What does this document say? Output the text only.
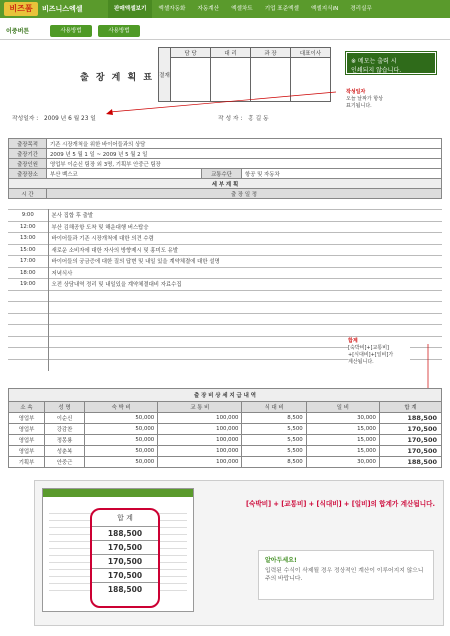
비즈폼	비즈니스엑셀	판매엑셀보기	엑셀자동화	자동계산	엑셀차트	기업 표준엑셀	엑셀지식iN	경리실무
이중버튼	사용방법	사용방법
출 장 계 획 표 결재	담 당	대 리	과 장	대표이사

※ 메모는 출력 시
인쇄되지 않습니다.
작성일자 : 2009 년 6 월 23 일	작 성 자 : 홍 길 동
작성일자
오늘 날짜가 항상
표기됩니다.
출장목적	기존 시장개척을 위한 바이어들과의 상담		
출장기간	2009 년 5 월 1 일 ~ 2009 년 5 월 2 일		
출장인원	영업부 이순신 팀장 외 3명, 기획부 안중근 팀장		
출장장소	부산 벡스코	교통수단	항공 및 자동차
세 부 계 획			
시 간	출 장 일 정		
9:00	본사 집합 후 출발
12:00	부산 김해공항 도착 및 해운대행 버스탑승
13:00	바이어들과 기존 시장개척에 대한 의견 수렴
15:00	새로운 소비자에 대한 자사의 방향제시 및 홍미도 유발
17:00	바이어들의 궁금증에 대한 질의 답변 및 내일 있을 계약체결에 대한 설명
18:00	저녁식사
19:00	오전 상담내역 정리 및 내일있을 계약체결대비 자료수집

합계
[숙박비]+[교통비]
+[식대비]+[일비]가
계산됩니다.
출 장 비 상 세 지 급 내 역						
소 속	성 명	숙 박 비	교 통 비	식 대 비	일 비	합 계
영업부	이순신	50,000	100,000	8,500	30,000	188,500
영업부	강감찬	50,000	100,000	5,500	15,000	170,500
영업부	정몽룡	50,000	100,000	5,500	15,000	170,500
영업부	성춘복	50,000	100,000	5,500	15,000	170,500
기획부	안중근	50,000	100,000	8,500	30,000	188,500
합 계
188,500
170,500
170,500
170,500
188,500
[숙박비] + [교통비] + [식대비] + [일비]의 합계가 계산됩니다.
알아두세요!
입력된 수식이 삭제될 경우 정상적인 계산이 이루어지지 않으니 주의 바랍니다.
